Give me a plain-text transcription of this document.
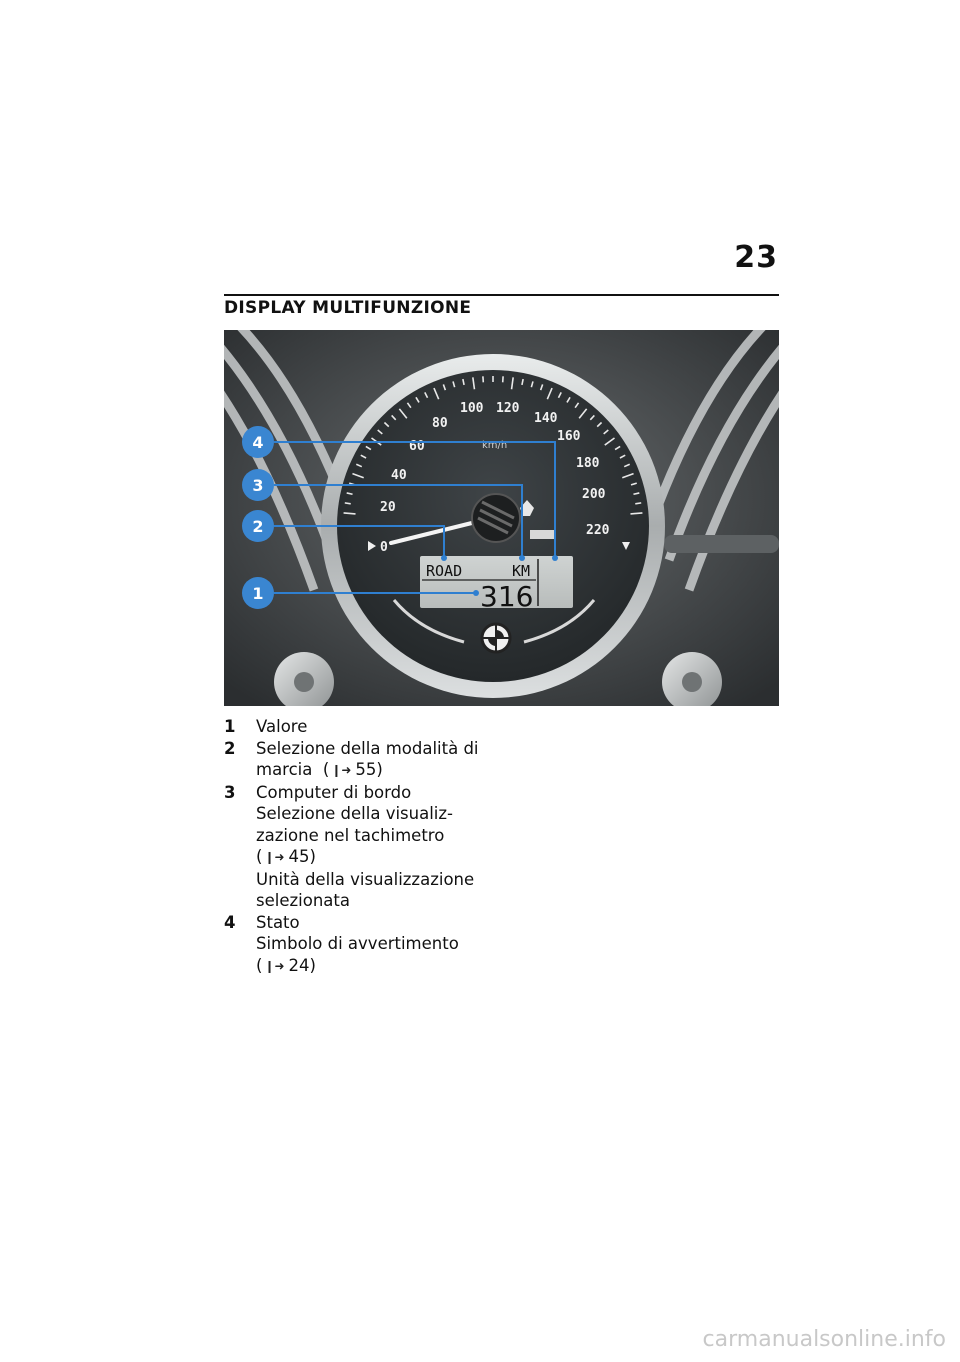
23
DISPLAY MULTIFUNZIONE
0
20
40
60
80
100 120
140
160
180
200
220
km/h
ROAD	KM
316
4
3
2
1
1	Valore
2	Selezione della modalità di
marcia  ( ❙➜ 55)
3	Computer di bordo
Selezione della visualiz-
zazione nel tachimetro
( ❙➜ 45)
Unità della visualizzazione
selezionata
4	Stato
Simbolo di avvertimento
( ❙➜ 24)
carmanualsonline.info
